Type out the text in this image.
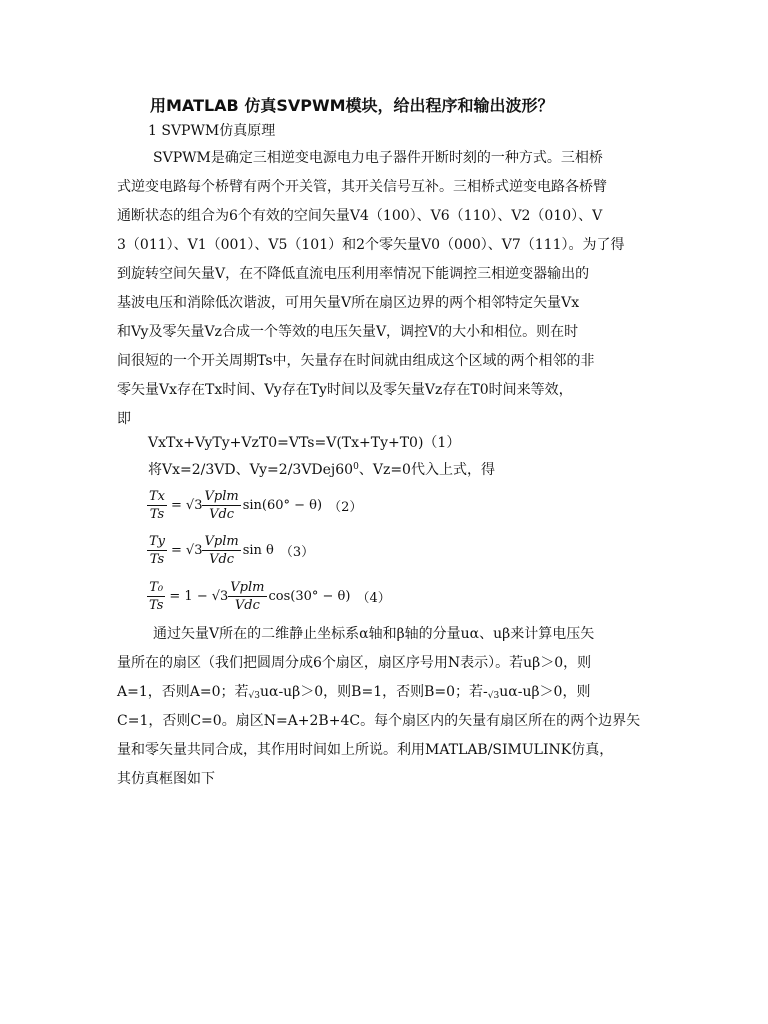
用MATLAB 仿真SVPWM模块，给出程序和输出波形？
1 SVPWM仿真原理
SVPWM是确定三相逆变电源电力电子器件开断时刻的一种方式。三相桥
式逆变电路每个桥臂有两个开关管，其开关信号互补。三相桥式逆变电路各桥臂
通断状态的组合为6个有效的空间矢量V4（100）、V6（110）、V2（010）、V
3（011）、V1（001）、V5（101）和2个零矢量V0（000）、V7（111）。为了得
到旋转空间矢量V，在不降低直流电压利用率情况下能调控三相逆变器输出的
基波电压和消除低次谐波，可用矢量V所在扇区边界的两个相邻特定矢量Vx
和Vy及零矢量Vz合成一个等效的电压矢量V，调控V的大小和相位。则在时
间很短的一个开关周期Ts中，矢量存在时间就由组成这个区域的两个相邻的非
零矢量Vx存在Tx时间、Vy存在Ty时间以及零矢量Vz存在T0时间来等效，
即
VxTx+VyTy+VzT0=VTs=V(Tx+Ty+T0)（1）
将Vx=2/3VD、$Vy=2/3VDej60^0$、Vz=0代入上式，得
$\frac{Tx}{Ts} = √3 \frac{\text{Vplm}}{\text{Vdc}} \sin(60^\circ - \theta)$ （2）
$\frac{Ty}{Ts} = √3 \frac{\text{Vplm}}{\text{Vdc}}$ sin θ （3）
$\frac{\text{T₀}}{Ts} = 1 - √3 \frac{\text{Vplm}}{\text{Vdc}} \cos(30^\circ - \theta)$ （4）
通过矢量V所在的二维静止坐标系α轴和β轴的分量uα、uβ来计算电压矢
量所在的扇区（我们把圆周分成6个扇区，扇区序号用N表示）。若uβ＞0，则
A=1，否则A=0；若√3uα-uβ＞0，则B=1，否则B=0；若-√3uα-uβ＞0，则
C=1，否则C=0。扇区N=A+2B+4C。每个扇区内的矢量有扇区所在的两个边界矢
量和零矢量共同合成，其作用时间如上所说。利用MATLAB/SIMULINK仿真，
其仿真框图如下
